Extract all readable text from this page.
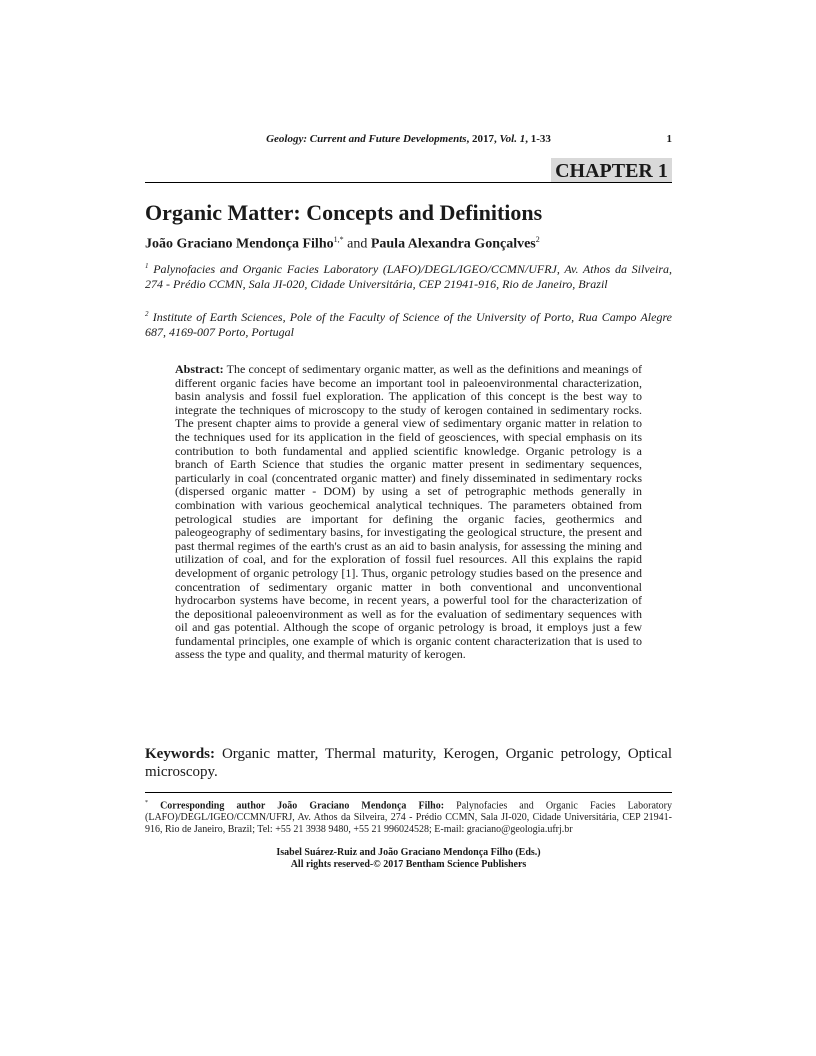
Geology: Current and Future Developments, 2017, Vol. 1, 1-33	1
CHAPTER 1
Organic Matter: Concepts and Definitions
João Graciano Mendonça Filho$^{1,*}$ and Paula Alexandra Gonçalves$^2$
$^1$ Palynofacies and Organic Facies Laboratory (LAFO)/DEGL/IGEO/CCMN/UFRJ, Av. Athos da Silveira, 274 - Prédio CCMN, Sala JI-020, Cidade Universitária, CEP 21941-916, Rio de Janeiro, Brazil
$^2$ Institute of Earth Sciences, Pole of the Faculty of Science of the University of Porto, Rua Campo Alegre 687, 4169-007 Porto, Portugal
Abstract: The concept of sedimentary organic matter, as well as the definitions and meanings of different organic facies have become an important tool in paleoenvironmental characterization, basin analysis and fossil fuel exploration. The application of this concept is the best way to integrate the techniques of microscopy to the study of kerogen contained in sedimentary rocks. The present chapter aims to provide a general view of sedimentary organic matter in relation to the techniques used for its application in the field of geosciences, with special emphasis on its contribution to both fundamental and applied scientific knowledge. Organic petrology is a branch of Earth Science that studies the organic matter present in sedimentary sequences, particularly in coal (concentrated organic matter) and finely disseminated in sedimentary rocks (dispersed organic matter - DOM) by using a set of petrographic methods generally in combination with various geochemical analytical techniques. The parameters obtained from petrological studies are important for defining the organic facies, geothermics and paleogeography of sedimentary basins, for investigating the geological structure, the present and past thermal regimes of the earth's crust as an aid to basin analysis, for assessing the mining and utilization of coal, and for the exploration of fossil fuel resources. All this explains the rapid development of organic petrology [1]. Thus, organic petrology studies based on the presence and concentration of sedimentary organic matter in both conventional and unconventional hydrocarbon systems have become, in recent years, a powerful tool for the characterization of the depositional paleoenvironment as well as for the evaluation of sedimentary sequences with oil and gas potential. Although the scope of organic petrology is broad, it employs just a few fundamental principles, one example of which is organic content characterization that is used to assess the type and quality, and thermal maturity of kerogen.
Keywords: Organic matter, Thermal maturity, Kerogen, Organic petrology, Optical microscopy.
* Corresponding author João Graciano Mendonça Filho: Palynofacies and Organic Facies Laboratory (LAFO)/DEGL/IGEO/CCMN/UFRJ, Av. Athos da Silveira, 274 - Prédio CCMN, Sala JI-020, Cidade Universitária, CEP 21941-916, Rio de Janeiro, Brazil; Tel: +55 21 3938 9480, +55 21 996024528; E-mail: graciano@geologia.ufrj.br
Isabel Suárez-Ruiz and João Graciano Mendonça Filho (Eds.)
All rights reserved-© 2017 Bentham Science Publishers
